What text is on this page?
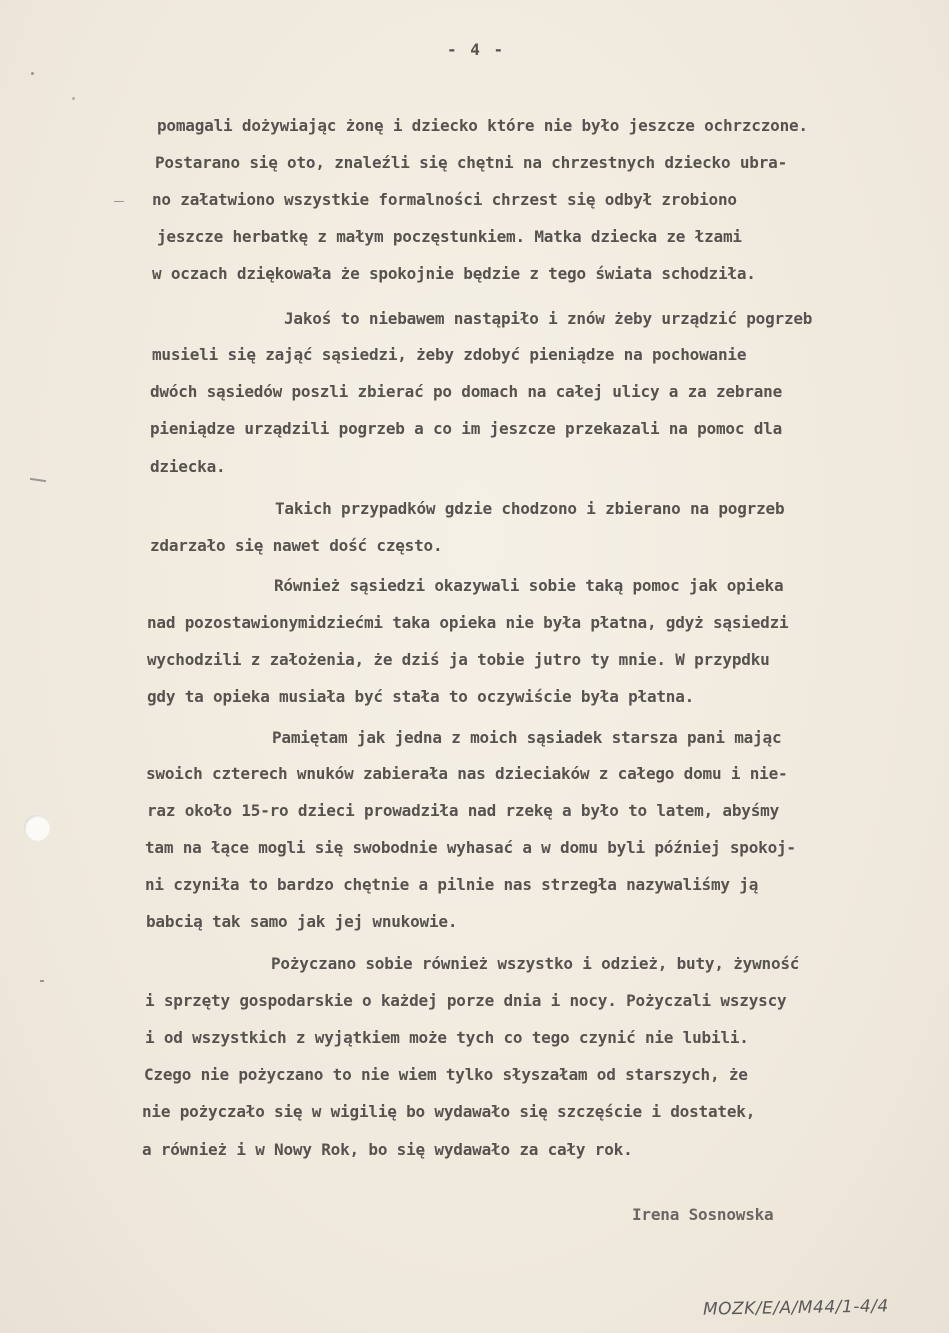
- 4 -
pomagali dożywiając żonę i dziecko które nie było jeszcze ochrzczone.
Postarano się oto, znaleźli się chętni na chrzestnych dziecko ubra-
no załatwiono wszystkie formalności chrzest się odbył zrobiono
jeszcze herbatkę z małym poczęstunkiem. Matka dziecka ze łzami
w oczach dziękowała że spokojnie będzie z tego świata schodziła.
Jakoś to niebawem nastąpiło i znów żeby urządzić pogrzeb
musieli się zająć sąsiedzi, żeby zdobyć pieniądze na pochowanie
dwóch sąsiedów poszli zbierać po domach na całej ulicy a za zebrane
pieniądze urządzili pogrzeb a co im jeszcze przekazali na pomoc dla
dziecka.
Takich przypadków gdzie chodzono i zbierano na pogrzeb
zdarzało się nawet dość często.
Również sąsiedzi okazywali sobie taką pomoc jak opieka
nad pozostawionymidziećmi taka opieka nie była płatna, gdyż sąsiedzi
wychodzili z założenia, że dziś ja tobie jutro ty mnie. W przypdku
gdy ta opieka musiała być stała to oczywiście była płatna.
Pamiętam jak jedna z moich sąsiadek starsza pani mając
swoich czterech wnuków zabierała nas dzieciaków z całego domu i nie-
raz około 15-ro dzieci prowadziła nad rzekę a było to latem, abyśmy
tam na łące mogli się swobodnie wyhasać a w domu byli później spokoj-
ni czyniła to bardzo chętnie a pilnie nas strzegła nazywaliśmy ją
babcią tak samo jak jej wnukowie.
Pożyczano sobie również wszystko i odzież, buty, żywność
i sprzęty gospodarskie o każdej porze dnia i nocy. Pożyczali wszyscy
i od wszystkich z wyjątkiem może tych co tego czynić nie lubili.
Czego nie pożyczano to nie wiem tylko słyszałam od starszych, że
nie pożyczało się w wigilię bo wydawało się szczęście i dostatek,
a również i w Nowy Rok, bo się wydawało za cały rok.
Irena Sosnowska
MOZK/E/A/M44/1-4/4
